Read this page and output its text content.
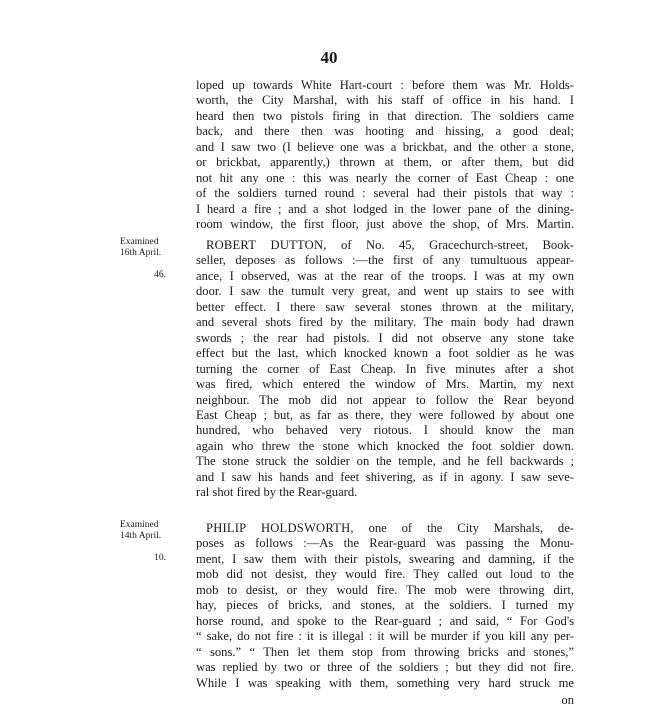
40
loped up towards White Hart-court : before them was Mr. Holds-
worth, the City Marshal, with his staff of office in his hand. I
heard then two pistols firing in that direction. The soldiers came
back, and there then was hooting and hissing, a good deal;
and I saw two (I believe one was a brickbat, and the other a stone,
or brickbat, apparently,) thrown at them, or after them, but did
not hit any one : this was nearly the corner of East Cheap : one
of the soldiers turned round : several had their pistols that way :
I heard a fire ; and a shot lodged in the lower pane of the dining-
room window, the first floor, just above the shop, of Mrs. Martin.
Examined
16th April.
46.
ROBERT DUTTON, of No. 45, Gracechurch-street, Book-
seller, deposes as follows :—the first of any tumultuous appear-
ance, I observed, was at the rear of the troops. I was at my own
door. I saw the tumult very great, and went up stairs to see with
better effect. I there saw several stones thrown at the military,
and several shots fired by the military. The main body had drawn
swords ; the rear had pistols. I did not observe any stone take
effect but the last, which knocked known a foot soldier as he was
turning the corner of East Cheap. In five minutes after a shot
was fired, which entered the window of Mrs. Martin, my next
neighbour. The mob did not appear to follow the Rear beyond
East Cheap ; but, as far as there, they were followed by about one
hundred, who behaved very riotous. I should know the man
again who threw the stone which knocked the foot soldier down.
The stone struck the soldier on the temple, and he fell backwards ;
and I saw his hands and feet shivering, as if in agony. I saw seve-
ral shot fired by the Rear-guard.
Examined
14th April.
10.
PHILIP HOLDSWORTH, one of the City Marshals, de-
poses as follows :—As the Rear-guard was passing the Monu-
ment, I saw them with their pistols, swearing and damning, if the
mob did not desist, they would fire. They called out loud to the
mob to desist, or they would fire. The mob were throwing dirt,
hay, pieces of bricks, and stones, at the soldiers. I turned my
horse round, and spoke to the Rear-guard ; and said, “ For God's
“ sake, do not fire : it is illegal : it will be murder if you kill any per-
“ sons.” “ Then let them stop from throwing bricks and stones,”
was replied by two or three of the soldiers ; but they did not fire.
While I was speaking with them, something very hard struck me
on
